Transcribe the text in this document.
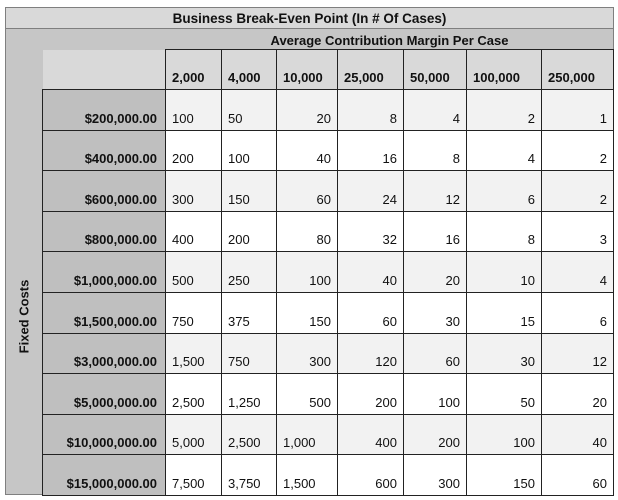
Business Break-Even Point (In # Of Cases)
Average Contribution Margin Per Case
Fixed Costs
	2,000	4,000	10,000	25,000	50,000	100,000	250,000
$200,000.00	100	50	20	8	4	2	1
$400,000.00	200	100	40	16	8	4	2
$600,000.00	300	150	60	24	12	6	2
$800,000.00	400	200	80	32	16	8	3
$1,000,000.00	500	250	100	40	20	10	4
$1,500,000.00	750	375	150	60	30	15	6
$3,000,000.00	1,500	750	300	120	60	30	12
$5,000,000.00	2,500	1,250	500	200	100	50	20
$10,000,000.00	5,000	2,500	1,000	400	200	100	40
$15,000,000.00	7,500	3,750	1,500	600	300	150	60
